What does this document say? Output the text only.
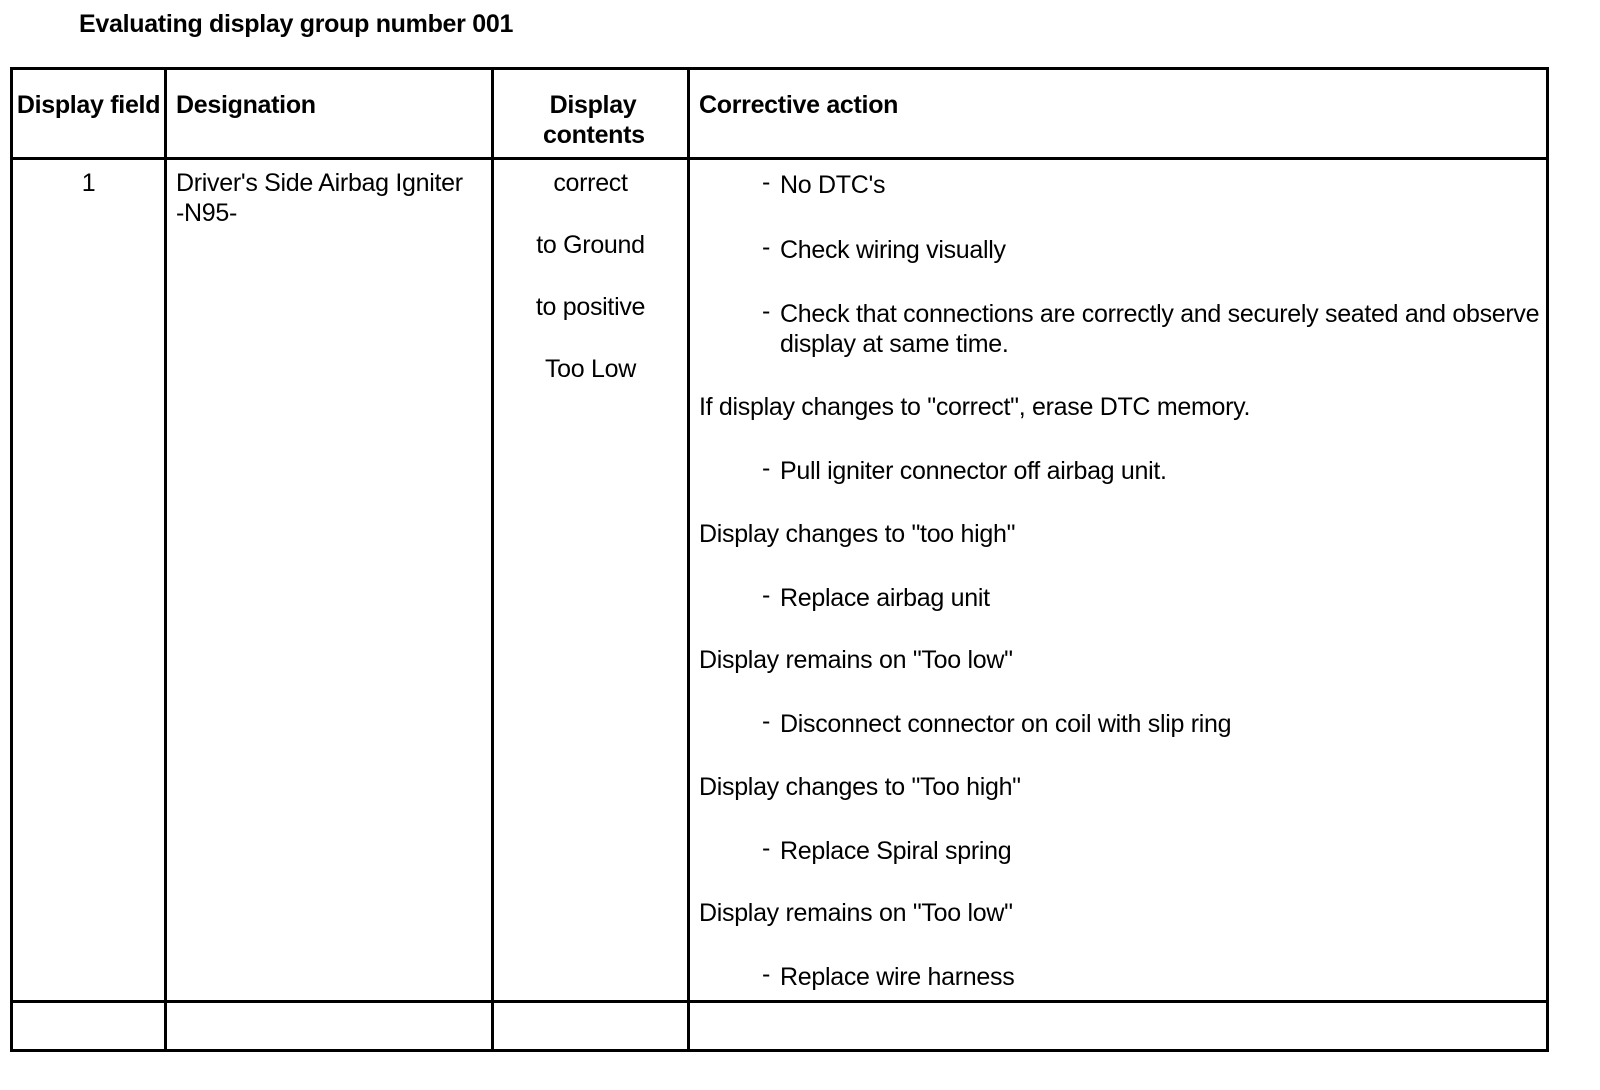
Evaluating display group number 001
Display field Designation	Display contents
Corrective action
1	Driver's Side Airbag Igniter -N95-
correct
to Ground
to positive
Too Low
- No DTC's
- Check wiring visually
- Check that connections are correctly and securely seated and observe display at same time.
If display changes to "correct", erase DTC memory.
- Pull igniter connector off airbag unit.
Display changes to "too high"
- Replace airbag unit
Display remains on "Too low"
- Disconnect connector on coil with slip ring
Display changes to "Too high"
- Replace Spiral spring
Display remains on "Too low"
- Replace wire harness
